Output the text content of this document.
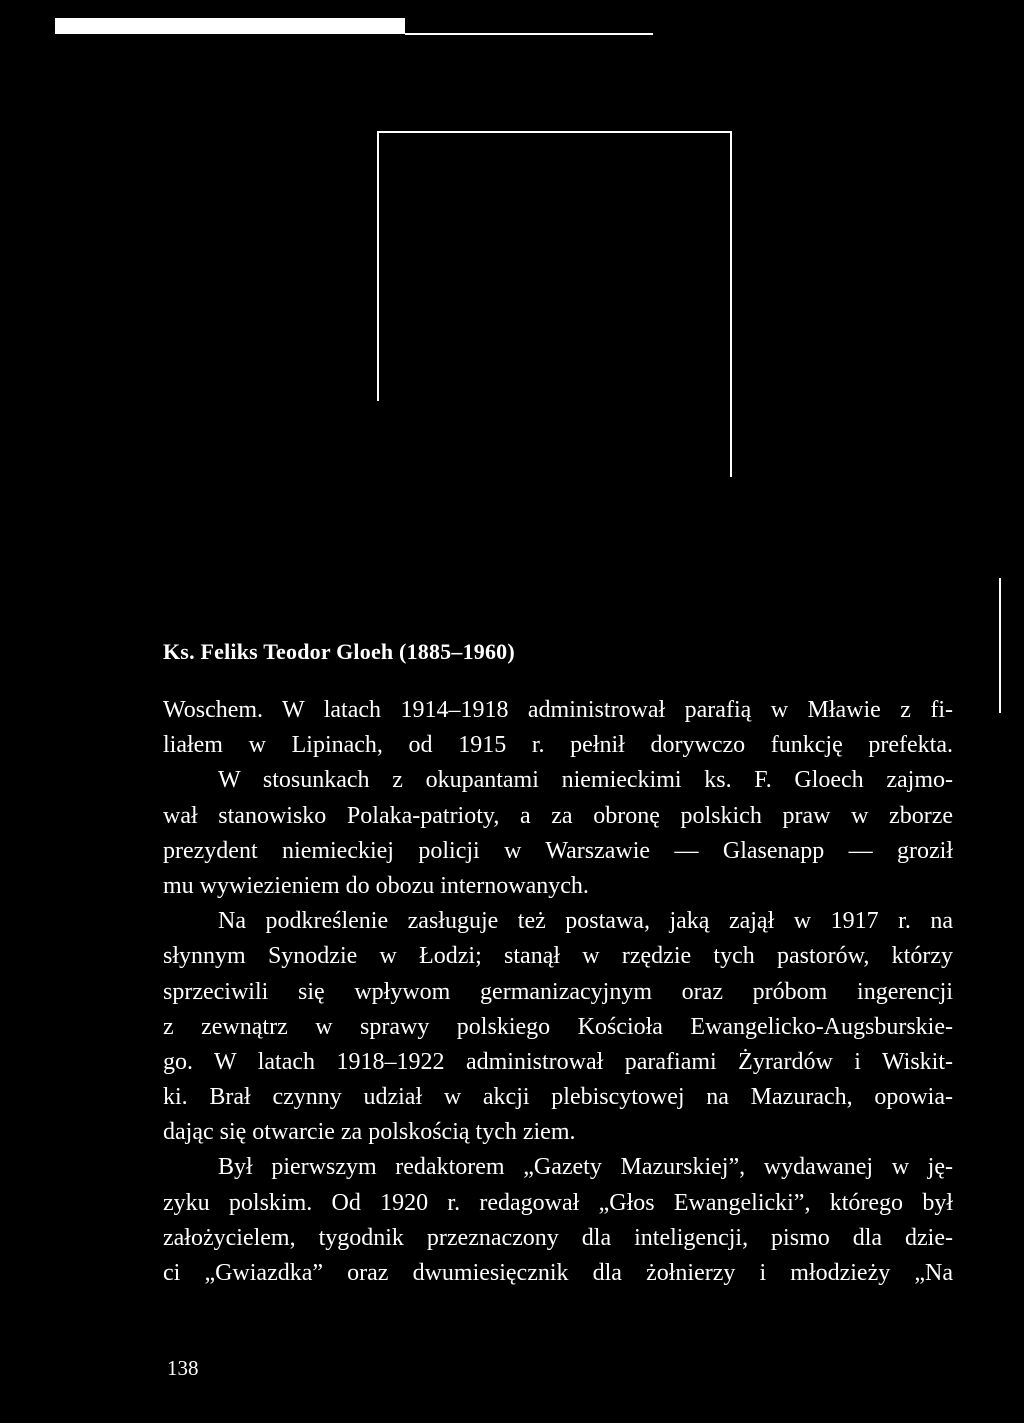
Ks. Feliks Teodor Gloeh (1885–1960)
Woschem. W latach 1914–1918 administrował parafią w Mławie z fi-
liałem w Lipinach, od 1915 r. pełnił dorywczo funkcję prefekta.
W stosunkach z okupantami niemieckimi ks. F. Gloech zajmo-
wał stanowisko Polaka-patrioty, a za obronę polskich praw w zborze
prezydent niemieckiej policji w Warszawie — Glasenapp — groził
mu wywiezieniem do obozu internowanych.
Na podkreślenie zasługuje też postawa, jaką zajął w 1917 r. na
słynnym Synodzie w Łodzi; stanął w rzędzie tych pastorów, którzy
sprzeciwili się wpływom germanizacyjnym oraz próbom ingerencji
z zewnątrz w sprawy polskiego Kościoła Ewangelicko-Augsburskie-
go. W latach 1918–1922 administrował parafiami Żyrardów i Wiskit-
ki. Brał czynny udział w akcji plebiscytowej na Mazurach, opowia-
dając się otwarcie za polskością tych ziem.
Był pierwszym redaktorem „Gazety Mazurskiej”, wydawanej w ję-
zyku polskim. Od 1920 r. redagował „Głos Ewangelicki”, którego był
założycielem, tygodnik przeznaczony dla inteligencji, pismo dla dzie-
ci „Gwiazdka” oraz dwumiesięcznik dla żołnierzy i młodzieży „Na
138
